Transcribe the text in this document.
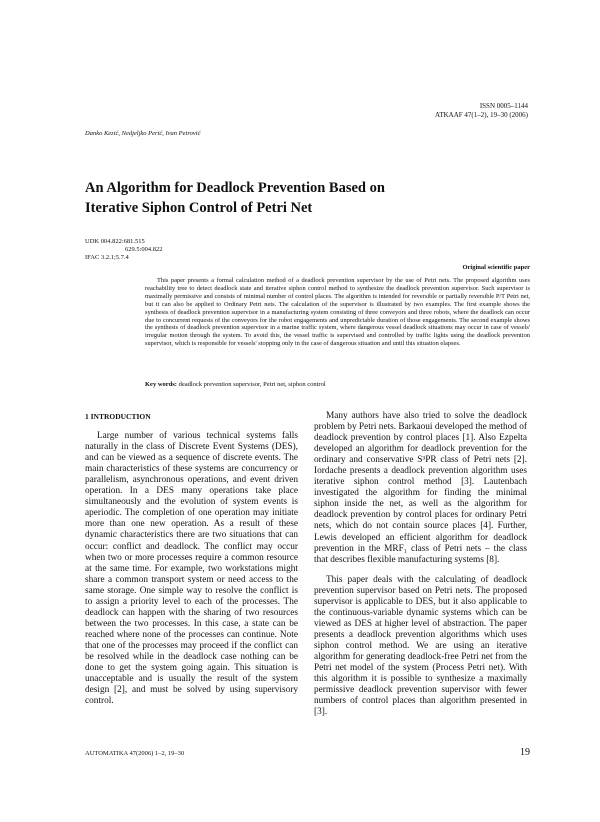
ISSN 0005–1144
ATKAAF 47(1–2), 19–30 (2006)
Danko Kezić, Nedjeljko Perić, Ivan Petrović
An Algorithm for Deadlock Prevention Based on
Iterative Siphon Control of Petri Net
UDK 004.822:681.515
629.5:004.822
IFAC 3.2.1;5.7.4
Original scientific paper

This paper presents a formal calculation method of a deadlock prevention supervisor by the use of Petri nets. The proposed algorithm uses reachability tree to detect deadlock state and iterative siphon control method to synthesize the deadlock prevention supervisor. Such supervisor is maximally permissive and consists of minimal number of control places. The algorithm is intended for reversible or partially reversible P/T Petri net, but it can also be applied to Ordinary Petri nets. The calculation of the supervisor is illustrated by two examples. The first example shows the synthesis of deadlock prevention supervisor in a manufacturing system consisting of three conveyors and three robots, where the deadlock can occur due to concurrent requests of the conveyors for the robot engagements and unpredictable duration of those engagements. The second example shows the synthesis of deadlock prevention supervisor in a marine traffic system, where dangerous vessel deadlock situations may occur in case of vessels' irregular motion through the system. To avoid this, the vessel traffic is supervised and controlled by traffic lights using the deadlock prevention supervisor, which is responsible for vessels' stopping only in the case of dangerous situation and until this situation elapses.

Key words: deadlock prevention supervisor, Petri net, siphon control

1 INTRODUCTION

Large number of various technical systems falls naturally in the class of Discrete Event Systems (DES), and can be viewed as a sequence of discrete events. The main characteristics of these systems are concurrency or parallelism, asynchronous operations, and event driven operation. In a DES many operations take place simultaneously and the evolution of system events is aperiodic. The completion of one operation may initiate more than one new operation. As a result of these dynamic characteristics there are two situations that can occur: conflict and deadlock. The conflict may occur when two or more processes require a common resource at the same time. For example, two workstations might share a common transport system or need access to the same storage. One simple way to resolve the conflict is to assign a priority level to each of the processes. The deadlock can happen with the sharing of two resources between the two processes. In this case, a state can be reached where none of the processes can continue. Note that one of the processes may proceed if the conflict can be resolved while in the deadlock case nothing can be done to get the system going again. This situation is unacceptable and is usually the result of the system design [2], and must be solved by using supervisory control.

Many authors have also tried to solve the deadlock problem by Petri nets. Barkaoui developed the method of deadlock prevention by control places [1]. Also Ezpelta developed an algorithm for deadlock prevention for the ordinary and conservative S³PR class of Petri nets [2]. Iordache presents a deadlock prevention algorithm uses iterative siphon control method [3]. Lautenbach investigated the algorithm for finding the minimal siphon inside the net, as well as the algorithm for deadlock prevention by control places for ordinary Petri nets, which do not contain source places [4]. Further, Lewis developed an efficient algorithm for deadlock prevention in the MRF₁ class of Petri nets – the class that describes flexible manufacturing systems [8].

This paper deals with the calculating of deadlock prevention supervisor based on Petri nets. The proposed supervisor is applicable to DES, but it also applicable to the continuous-variable dynamic systems which can be viewed as DES at higher level of abstraction. The paper presents a deadlock prevention algorithms which uses siphon control method. We are using an iterative algorithm for generating deadlock-free Petri net from the Petri net model of the system (Process Petri net). With this algorithm it is possible to synthesize a maximally permissive deadlock prevention supervisor with fewer numbers of control places than algorithm presented in [3].

AUTOMATIKA 47(2006) 1–2, 19–30	19
